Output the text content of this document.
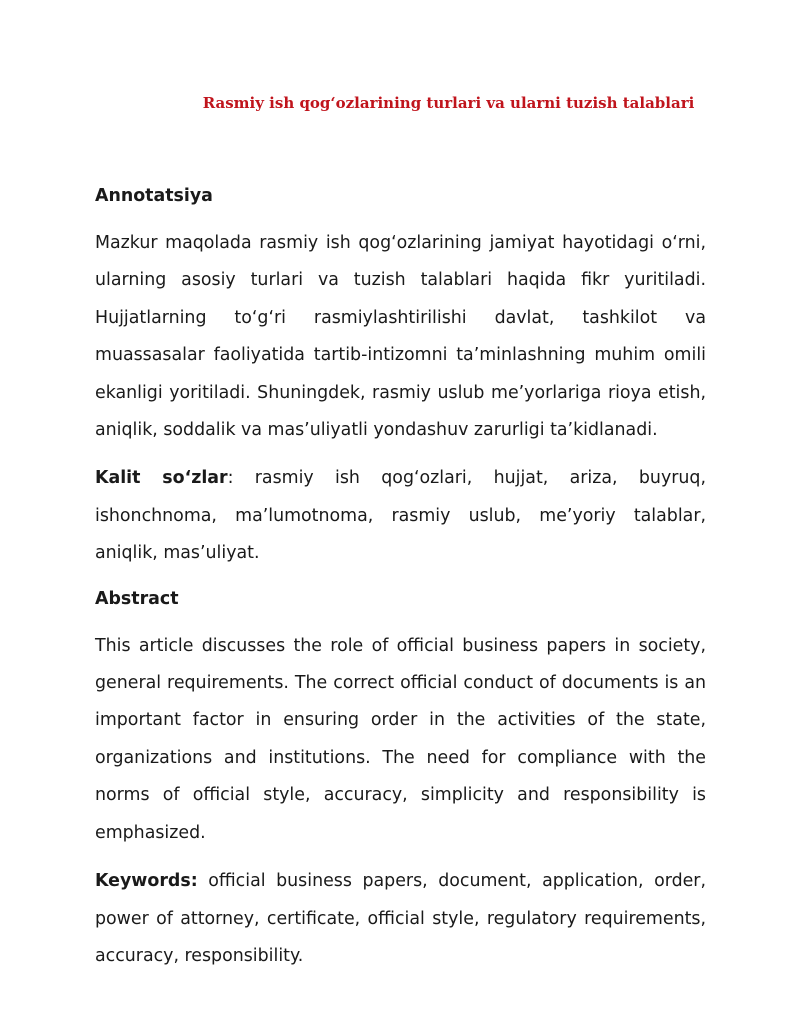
Rasmiy ish qog‘ozlarining turlari va ularni tuzish talablari

Annotatsiya

Mazkur maqolada rasmiy ish qog‘ozlarining jamiyat hayotidagi o‘rni, ularning asosiy turlari va tuzish talablari haqida fikr yuritiladi. Hujjatlarning to‘g‘ri rasmiylashtirilishi davlat, tashkilot va muassasalar faoliyatida tartib-intizomni ta’minlashning muhim omili ekanligi yoritiladi. Shuningdek, rasmiy uslub me’yorlariga rioya etish, aniqlik, soddalik va mas’uliyatli yondashuv zarurligi ta’kidlanadi.

Kalit so‘zlar: rasmiy ish qog‘ozlari, hujjat, ariza, buyruq, ishonchnoma, ma’lumotnoma, rasmiy uslub, me’yoriy talablar, aniqlik, mas’uliyat.

Abstract

This article discusses the role of official business papers in society, general requirements. The correct official conduct of documents is an important factor in ensuring order in the activities of the state, organizations and institutions. The need for compliance with the norms of official style, accuracy, simplicity and responsibility is emphasized.

Keywords: official business papers, document, application, order, power of attorney, certificate, official style, regulatory requirements, accuracy, responsibility.
